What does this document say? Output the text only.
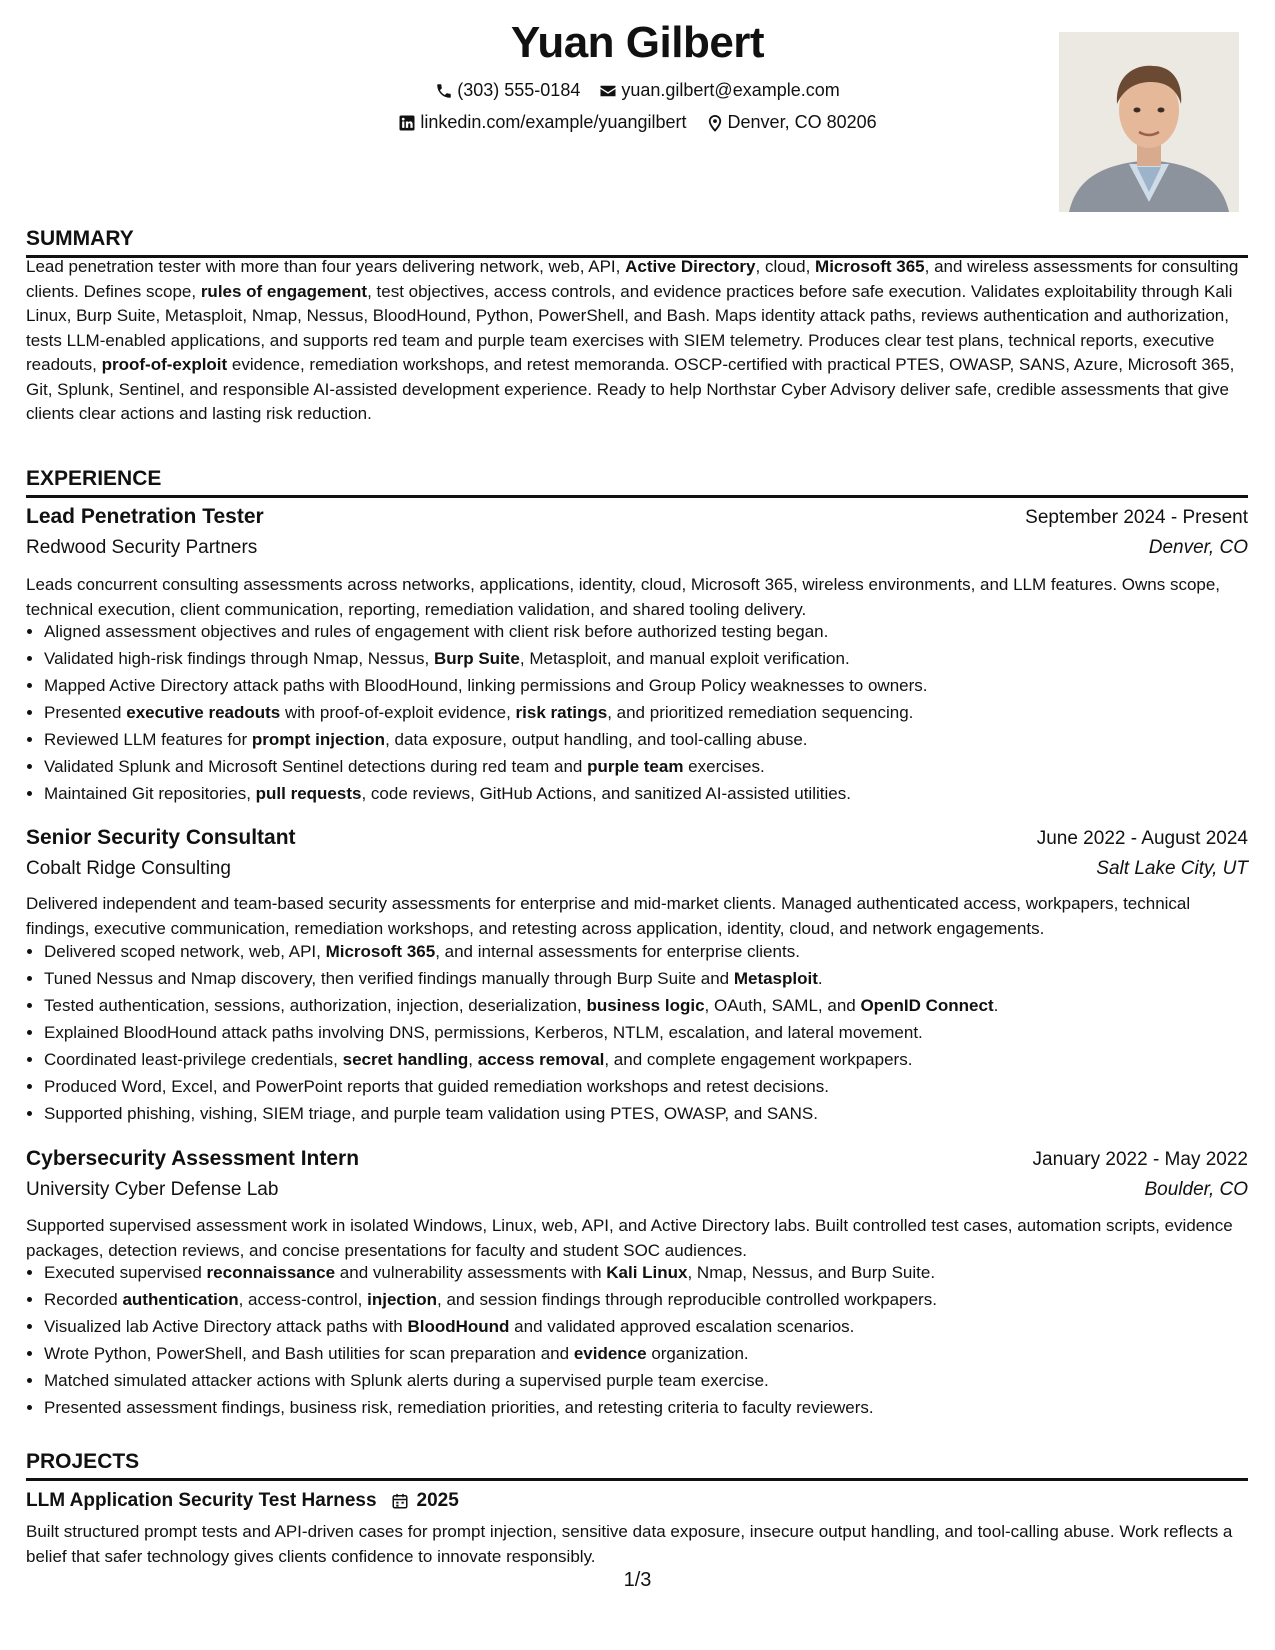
Yuan Gilbert
(303) 555-0184
yuan.gilbert@example.com
linkedin.com/example/yuangilbert
Denver, CO 80206
SUMMARY
Lead penetration tester with more than four years delivering network, web, API, Active Directory, cloud, Microsoft 365, and wireless assessments for consulting clients. Defines scope, rules of engagement, test objectives, access controls, and evidence practices before safe execution. Validates exploitability through Kali Linux, Burp Suite, Metasploit, Nmap, Nessus, BloodHound, Python, PowerShell, and Bash. Maps identity attack paths, reviews authentication and authorization, tests LLM-enabled applications, and supports red team and purple team exercises with SIEM telemetry. Produces clear test plans, technical reports, executive readouts, proof-of-exploit evidence, remediation workshops, and retest memoranda. OSCP-certified with practical PTES, OWASP, SANS, Azure, Microsoft 365, Git, Splunk, Sentinel, and responsible AI-assisted development experience. Ready to help Northstar Cyber Advisory deliver safe, credible assessments that give clients clear actions and lasting risk reduction.
EXPERIENCE
Lead Penetration Tester	September 2024 - Present
Redwood Security Partners	Denver, CO
Leads concurrent consulting assessments across networks, applications, identity, cloud, Microsoft 365, wireless environments, and LLM features. Owns scope, technical execution, client communication, reporting, remediation validation, and shared tooling delivery.
• Aligned assessment objectives and rules of engagement with client risk before authorized testing began.
• Validated high-risk findings through Nmap, Nessus, Burp Suite, Metasploit, and manual exploit verification.
• Mapped Active Directory attack paths with BloodHound, linking permissions and Group Policy weaknesses to owners.
• Presented executive readouts with proof-of-exploit evidence, risk ratings, and prioritized remediation sequencing.
• Reviewed LLM features for prompt injection, data exposure, output handling, and tool-calling abuse.
• Validated Splunk and Microsoft Sentinel detections during red team and purple team exercises.
• Maintained Git repositories, pull requests, code reviews, GitHub Actions, and sanitized AI-assisted utilities.
Senior Security Consultant	June 2022 - August 2024
Cobalt Ridge Consulting	Salt Lake City, UT
Delivered independent and team-based security assessments for enterprise and mid-market clients. Managed authenticated access, workpapers, technical findings, executive communication, remediation workshops, and retesting across application, identity, cloud, and network engagements.
• Delivered scoped network, web, API, Microsoft 365, and internal assessments for enterprise clients.
• Tuned Nessus and Nmap discovery, then verified findings manually through Burp Suite and Metasploit.
• Tested authentication, sessions, authorization, injection, deserialization, business logic, OAuth, SAML, and OpenID Connect.
• Explained BloodHound attack paths involving DNS, permissions, Kerberos, NTLM, escalation, and lateral movement.
• Coordinated least-privilege credentials, secret handling, access removal, and complete engagement workpapers.
• Produced Word, Excel, and PowerPoint reports that guided remediation workshops and retest decisions.
• Supported phishing, vishing, SIEM triage, and purple team validation using PTES, OWASP, and SANS.
Cybersecurity Assessment Intern	January 2022 - May 2022
University Cyber Defense Lab	Boulder, CO
Supported supervised assessment work in isolated Windows, Linux, web, API, and Active Directory labs. Built controlled test cases, automation scripts, evidence packages, detection reviews, and concise presentations for faculty and student SOC audiences.
• Executed supervised reconnaissance and vulnerability assessments with Kali Linux, Nmap, Nessus, and Burp Suite.
• Recorded authentication, access-control, injection, and session findings through reproducible controlled workpapers.
• Visualized lab Active Directory attack paths with BloodHound and validated approved escalation scenarios.
• Wrote Python, PowerShell, and Bash utilities for scan preparation and evidence organization.
• Matched simulated attacker actions with Splunk alerts during a supervised purple team exercise.
• Presented assessment findings, business risk, remediation priorities, and retesting criteria to faculty reviewers.
PROJECTS
LLM Application Security Test Harness 2025
Built structured prompt tests and API-driven cases for prompt injection, sensitive data exposure, insecure output handling, and tool-calling abuse. Work reflects a belief that safer technology gives clients confidence to innovate responsibly.
1/3
